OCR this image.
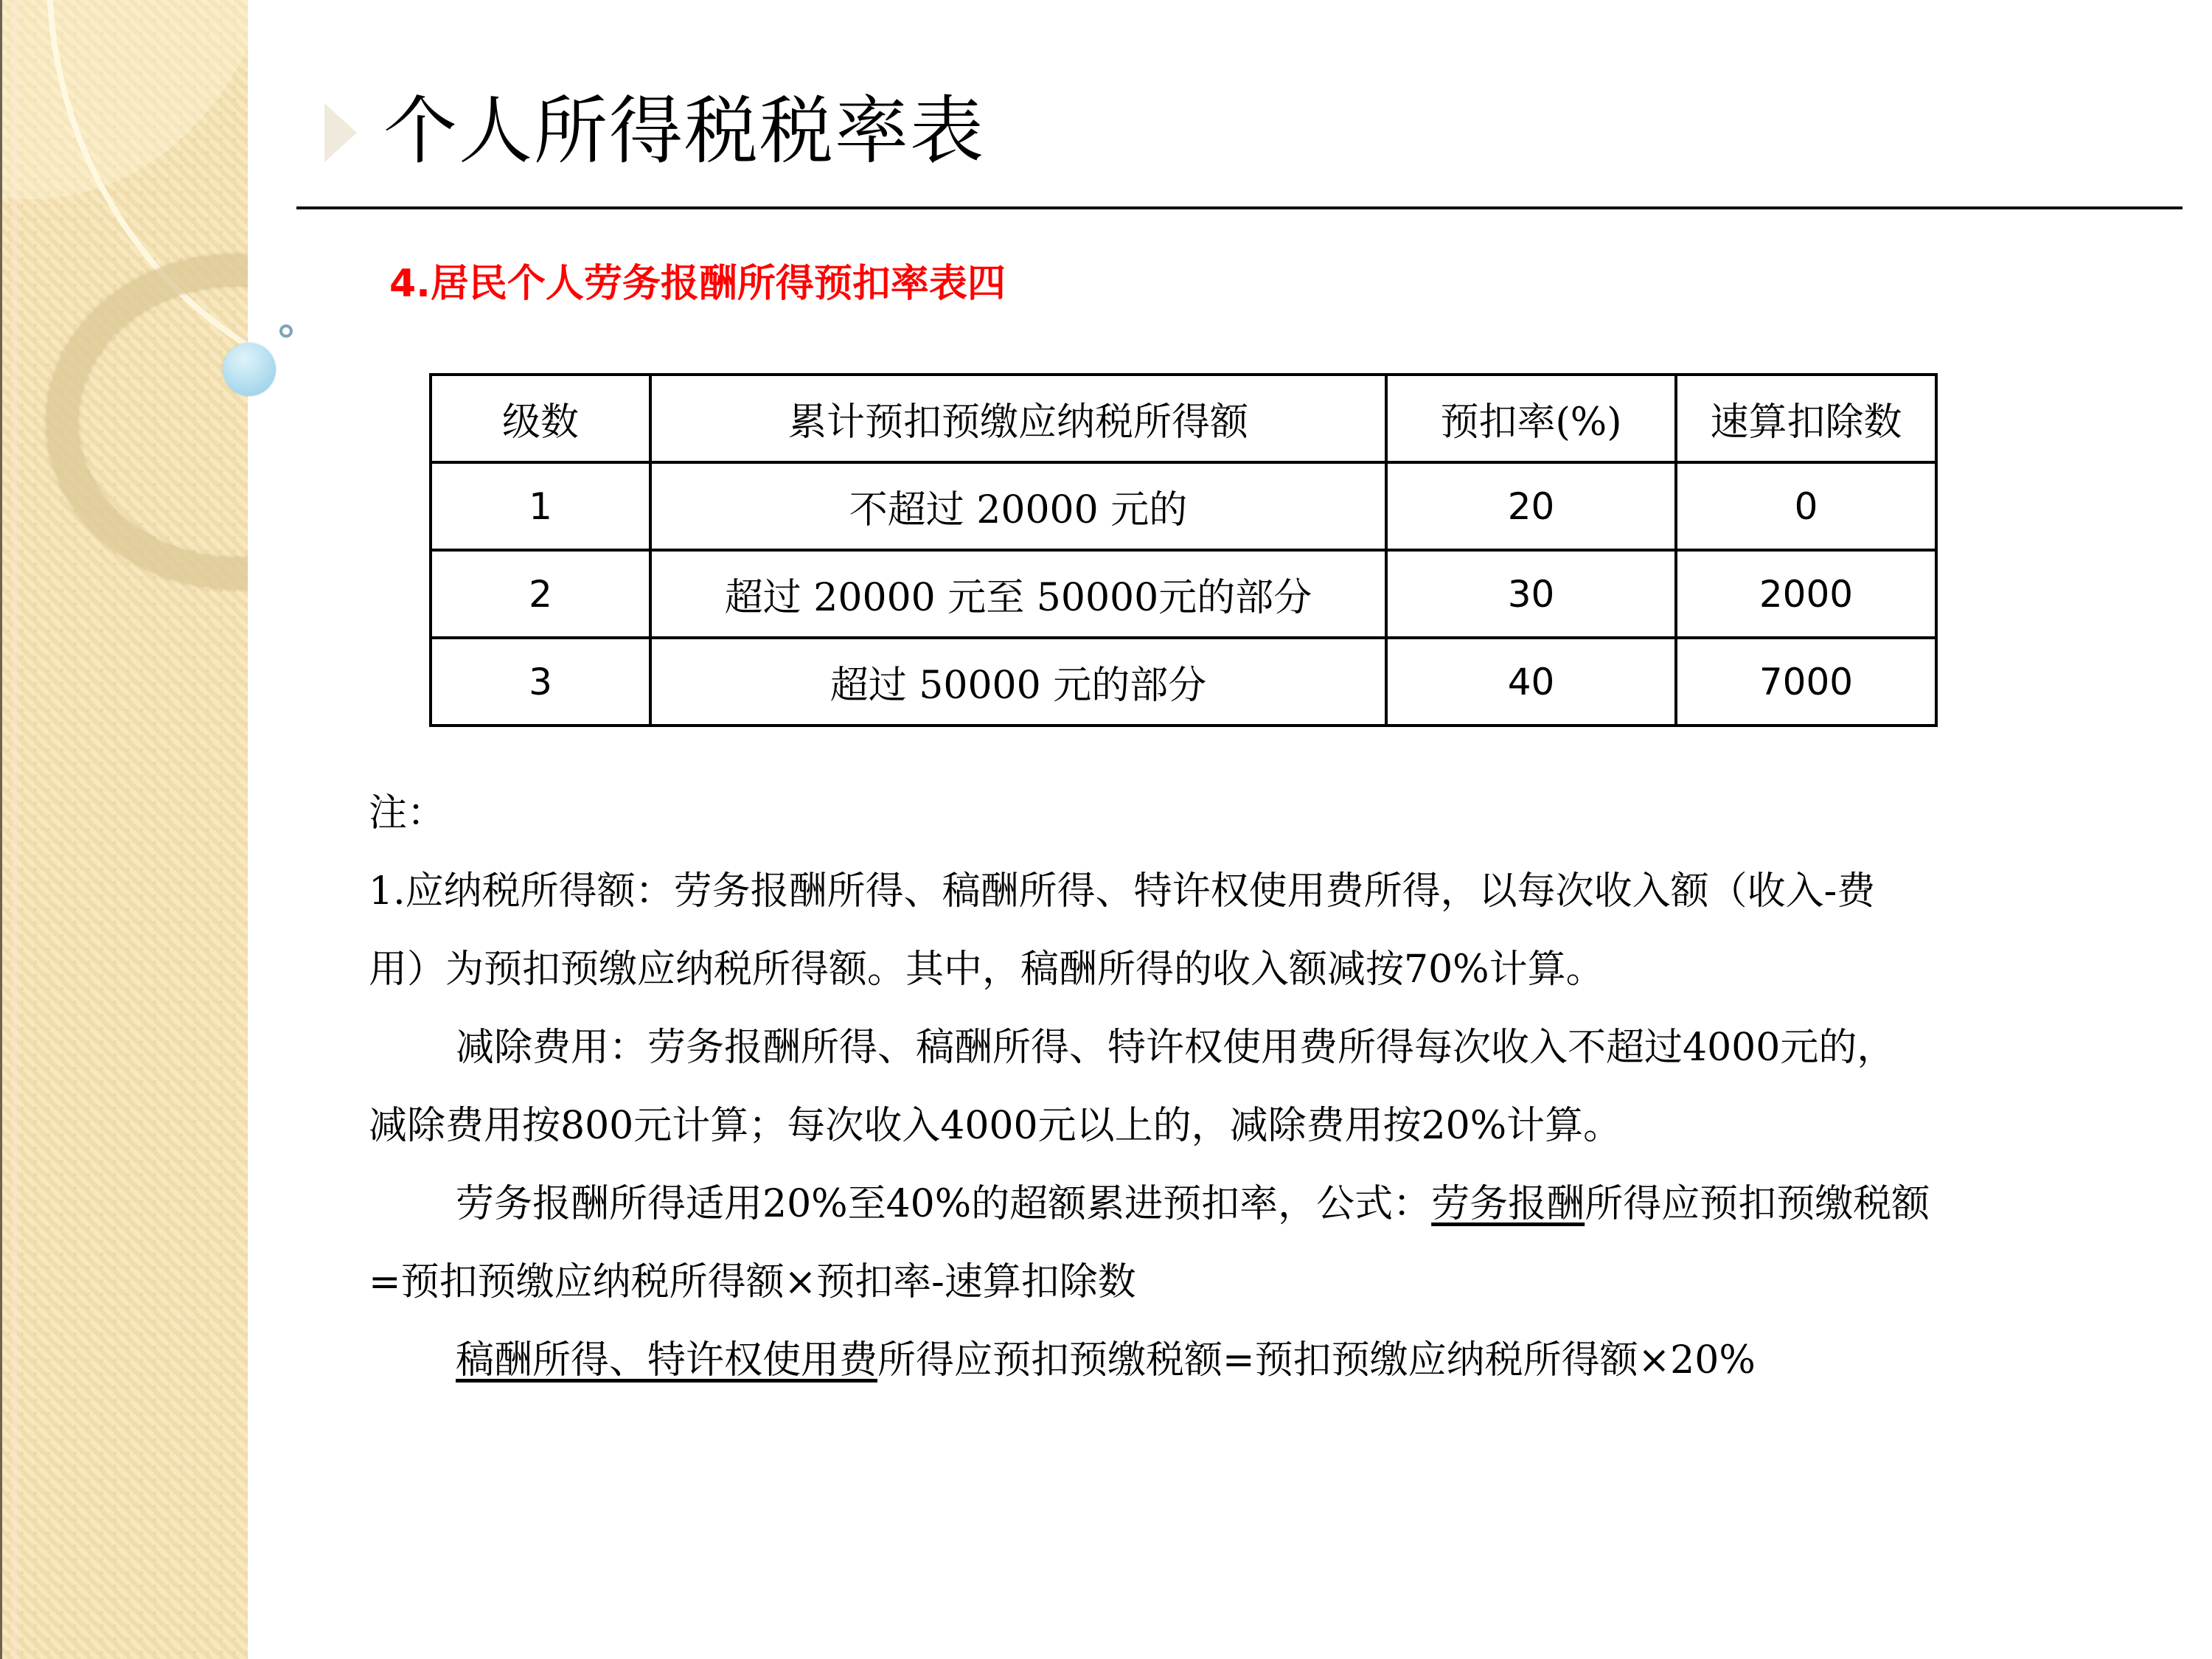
个人所得税税率表
4.居民个人劳务报酬所得预扣率表四
级数	累计预扣预缴应纳税所得额	预扣率(%)	速算扣除数
1	不超过 20000 元的	20	0
2	超过 20000 元至 50000元的部分	30	2000
3	超过 50000 元的部分	40	7000

注：

1.应纳税所得额：劳务报酬所得、稿酬所得、特许权使用费所得，以每次收入额（收入-费

用）为预扣预缴应纳税所得额。其中，稿酬所得的收入额减按70%计算。

减除费用：劳务报酬所得、稿酬所得、特许权使用费所得每次收入不超过4000元的，

减除费用按800元计算；每次收入4000元以上的，减除费用按20%计算。

劳务报酬所得适用20%至40%的超额累进预扣率，公式：劳务报酬所得应预扣预缴税额

=预扣预缴应纳税所得额×预扣率-速算扣除数

稿酬所得、特许权使用费所得应预扣预缴税额=预扣预缴应纳税所得额×20%
